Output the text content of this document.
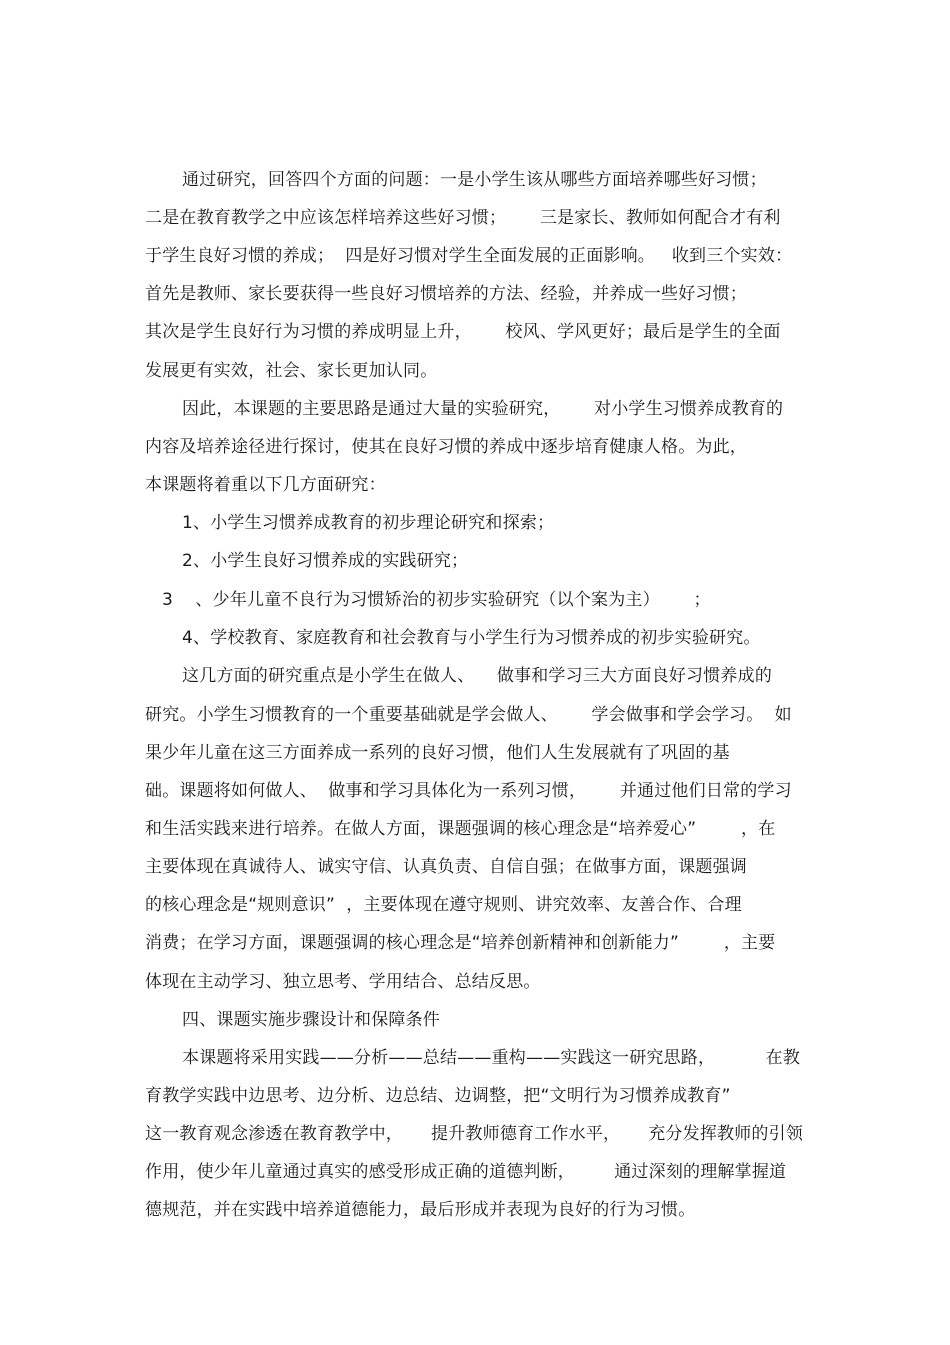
通过研究，回答四个方面的问题：一是小学生该从哪些方面培养哪些好习惯；
二是在教育教学之中应该怎样培养这些好习惯；      三是家长、教师如何配合才有利
于学生良好习惯的养成；  四是好习惯对学生全面发展的正面影响。   收到三个实效：
首先是教师、家长要获得一些良好习惯培养的方法、经验，并养成一些好习惯；
其次是学生良好行为习惯的养成明显上升，      校风、学风更好；最后是学生的全面
发展更有实效，社会、家长更加认同。
因此，本课题的主要思路是通过大量的实验研究，      对小学生习惯养成教育的
内容及培养途径进行探讨，使其在良好习惯的养成中逐步培育健康人格。为此，
本课题将着重以下几方面研究：
1、小学生习惯养成教育的初步理论研究和探索；
2、小学生良好习惯养成的实践研究；
3    、少年儿童不良行为习惯矫治的初步实验研究（以个案为主）      ；
4、学校教育、家庭教育和社会教育与小学生行为习惯养成的初步实验研究。
这几方面的研究重点是小学生在做人、    做事和学习三大方面良好习惯养成的
研究。小学生习惯教育的一个重要基础就是学会做人、      学会做事和学会学习。  如
果少年儿童在这三方面养成一系列的良好习惯，他们人生发展就有了巩固的基
础。课题将如何做人、  做事和学习具体化为一系列习惯，      并通过他们日常的学习
和生活实践来进行培养。在做人方面，课题强调的核心理念是“培养爱心”        ，在
主要体现在真诚待人、诚实守信、认真负责、自信自强；在做事方面，课题强调
的核心理念是“规则意识”  ，主要体现在遵守规则、讲究效率、友善合作、合理
消费；在学习方面，课题强调的核心理念是“培养创新精神和创新能力”        ，主要
体现在主动学习、独立思考、学用结合、总结反思。
四、课题实施步骤设计和保障条件
本课题将采用实践——分析——总结——重构——实践这一研究思路，         在教
育教学实践中边思考、边分析、边总结、边调整，把“文明行为习惯养成教育”
这一教育观念渗透在教育教学中，     提升教师德育工作水平，     充分发挥教师的引领
作用，使少年儿童通过真实的感受形成正确的道德判断，       通过深刻的理解掌握道
德规范，并在实践中培养道德能力，最后形成并表现为良好的行为习惯。
